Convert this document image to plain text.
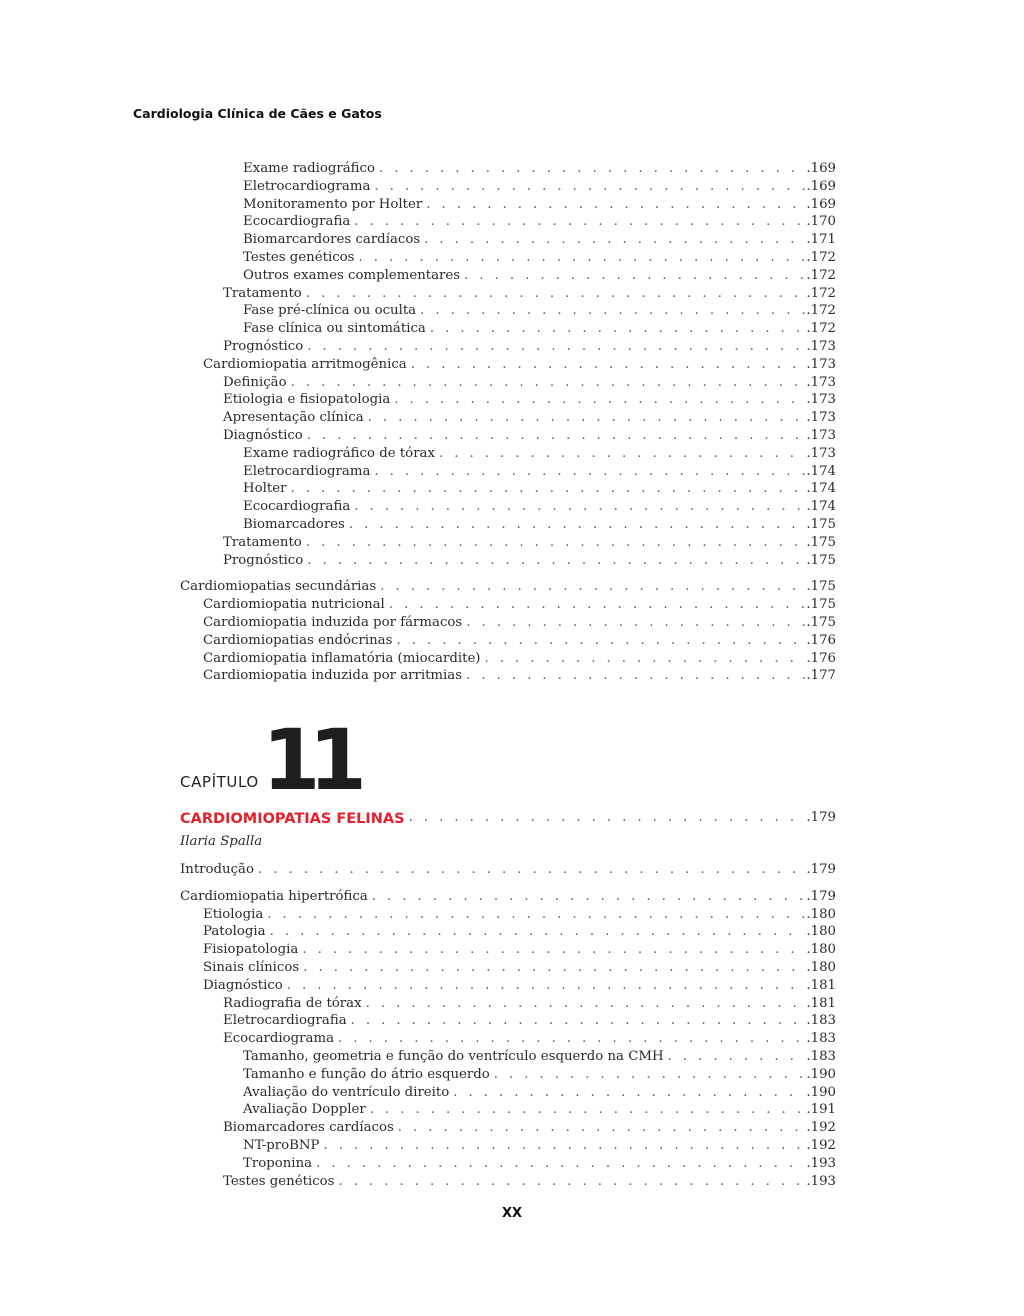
Cardiologia Clínica de Cães e Gatos
Exame radiográfico . . .	.169
Eletrocardiograma . . .	.169
Monitoramento por Holter . . .	.169
Ecocardiografia . . .	.170
Biomarcardores cardíacos . . .	.171
Testes genéticos . . .	.172
Outros exames complementares . . .	.172
Tratamento . . .	.172
Fase pré-clínica ou oculta . . .	.172
Fase clínica ou sintomática . . .	.172
Prognóstico . . .	.173
Cardiomiopatia arritmogênica . . .	.173
Definição . . .	.173
Etiologia e fisiopatologia . . .	.173
Apresentação clínica . . .	.173
Diagnóstico . . .	.173
Exame radiográfico de tórax . . .	.173
Eletrocardiograma . . .	.174
Holter . . .	.174
Ecocardiografia . . .	.174
Biomarcadores . . .	.175
Tratamento . . .	.175
Prognóstico . . .	.175
Cardiomiopatias secundárias . . .	.175
Cardiomiopatia nutricional . . .	.175
Cardiomiopatia induzida por fármacos . . .	.175
Cardiomiopatias endócrinas . . .	.176
Cardiomiopatia inflamatória (miocardite) . . .	.176
Cardiomiopatia induzida por arritmias . . .	.177
CAPÍTULO 11
CARDIOMIOPATIAS FELINAS . . .	.179
Ilaria Spalla
Introdução . . .	.179
Cardiomiopatia hipertrófica . . .	.179
Etiologia . . .	.180
Patologia . . .	.180
Fisiopatologia . . .	.180
Sinais clínicos . . .	.180
Diagnóstico . . .	.181
Radiografia de tórax . . .	.181
Eletrocardiografia . . .	.183
Ecocardiograma . . .	.183
Tamanho, geometria e função do ventrículo esquerdo na CMH . . .	.183
Tamanho e função do átrio esquerdo . . .	.190
Avaliação do ventrículo direito . . .	.190
Avaliação Doppler . . .	.191
Biomarcadores cardíacos . . .	.192
NT-proBNP . . .	.192
Troponina . . .	.193
Testes genéticos . . .	.193
XX
